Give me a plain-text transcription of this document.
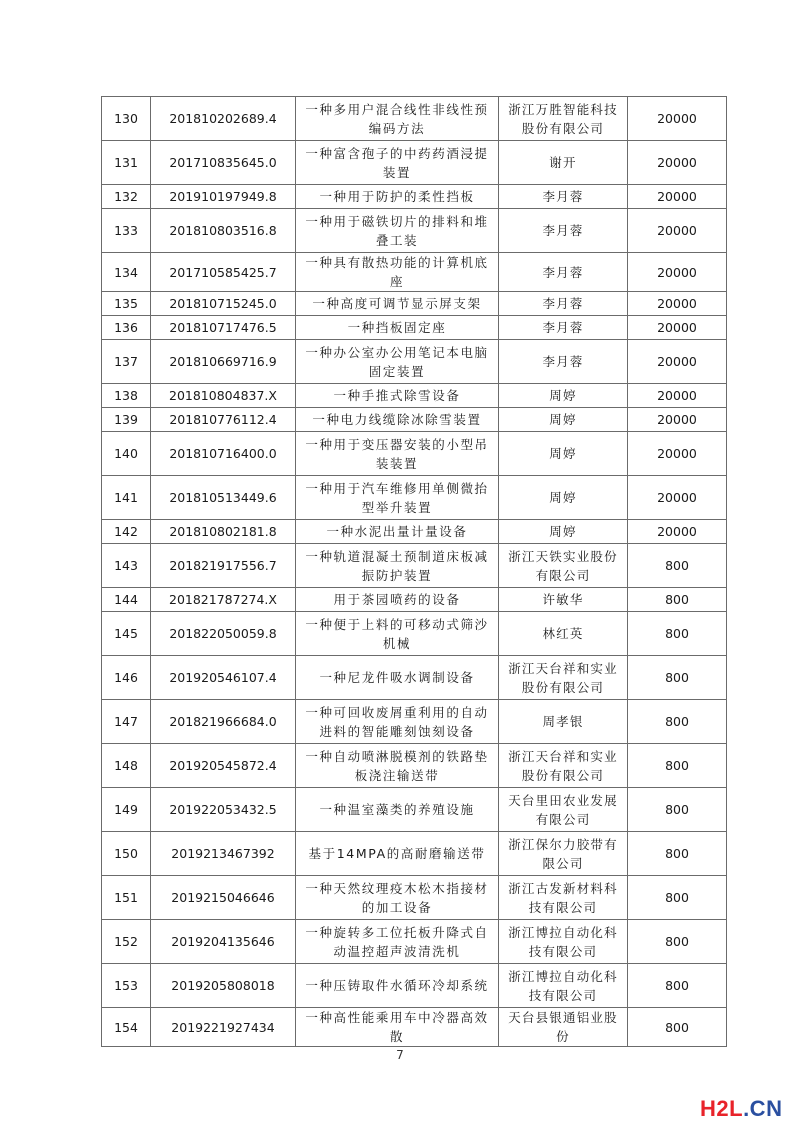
130	201810202689.4	一种多用户混合线性非线性预编码方法	浙江万胜智能科技股份有限公司	20000
131	201710835645.0	一种富含孢子的中药药酒浸提装置	谢开	20000
132	201910197949.8	一种用于防护的柔性挡板	李月蓉	20000
133	201810803516.8	一种用于磁铁切片的排料和堆叠工装	李月蓉	20000
134	201710585425.7	一种具有散热功能的计算机底座	李月蓉	20000
135	201810715245.0	一种高度可调节显示屏支架	李月蓉	20000
136	201810717476.5	一种挡板固定座	李月蓉	20000
137	201810669716.9	一种办公室办公用笔记本电脑固定装置	李月蓉	20000
138	201810804837.X	一种手推式除雪设备	周婷	20000
139	201810776112.4	一种电力线缆除冰除雪装置	周婷	20000
140	201810716400.0	一种用于变压器安装的小型吊装装置	周婷	20000
141	201810513449.6	一种用于汽车维修用单侧微抬型举升装置	周婷	20000
142	201810802181.8	一种水泥出量计量设备	周婷	20000
143	201821917556.7	一种轨道混凝土预制道床板减振防护装置	浙江天铁实业股份有限公司	800
144	201821787274.X	用于茶园喷药的设备	许敏华	800
145	201822050059.8	一种便于上料的可移动式筛沙机械	林红英	800
146	201920546107.4	一种尼龙件吸水调制设备	浙江天台祥和实业股份有限公司	800
147	201821966684.0	一种可回收废屑重利用的自动进料的智能雕刻蚀刻设备	周孝银	800
148	201920545872.4	一种自动喷淋脱模剂的铁路垫板浇注输送带	浙江天台祥和实业股份有限公司	800
149	201922053432.5	一种温室藻类的养殖设施	天台里田农业发展有限公司	800
150	2019213467392	基于14MPA的高耐磨输送带	浙江保尔力胶带有限公司	800
151	2019215046646	一种天然纹理疫木松木指接材的加工设备	浙江古发新材料科技有限公司	800
152	2019204135646	一种旋转多工位托板升降式自动温控超声波清洗机	浙江博拉自动化科技有限公司	800
153	2019205808018	一种压铸取件水循环冷却系统	浙江博拉自动化科技有限公司	800
154	2019221927434	一种高性能乘用车中冷器高效散	天台县银通铝业股份	800
7
H2L.CN
